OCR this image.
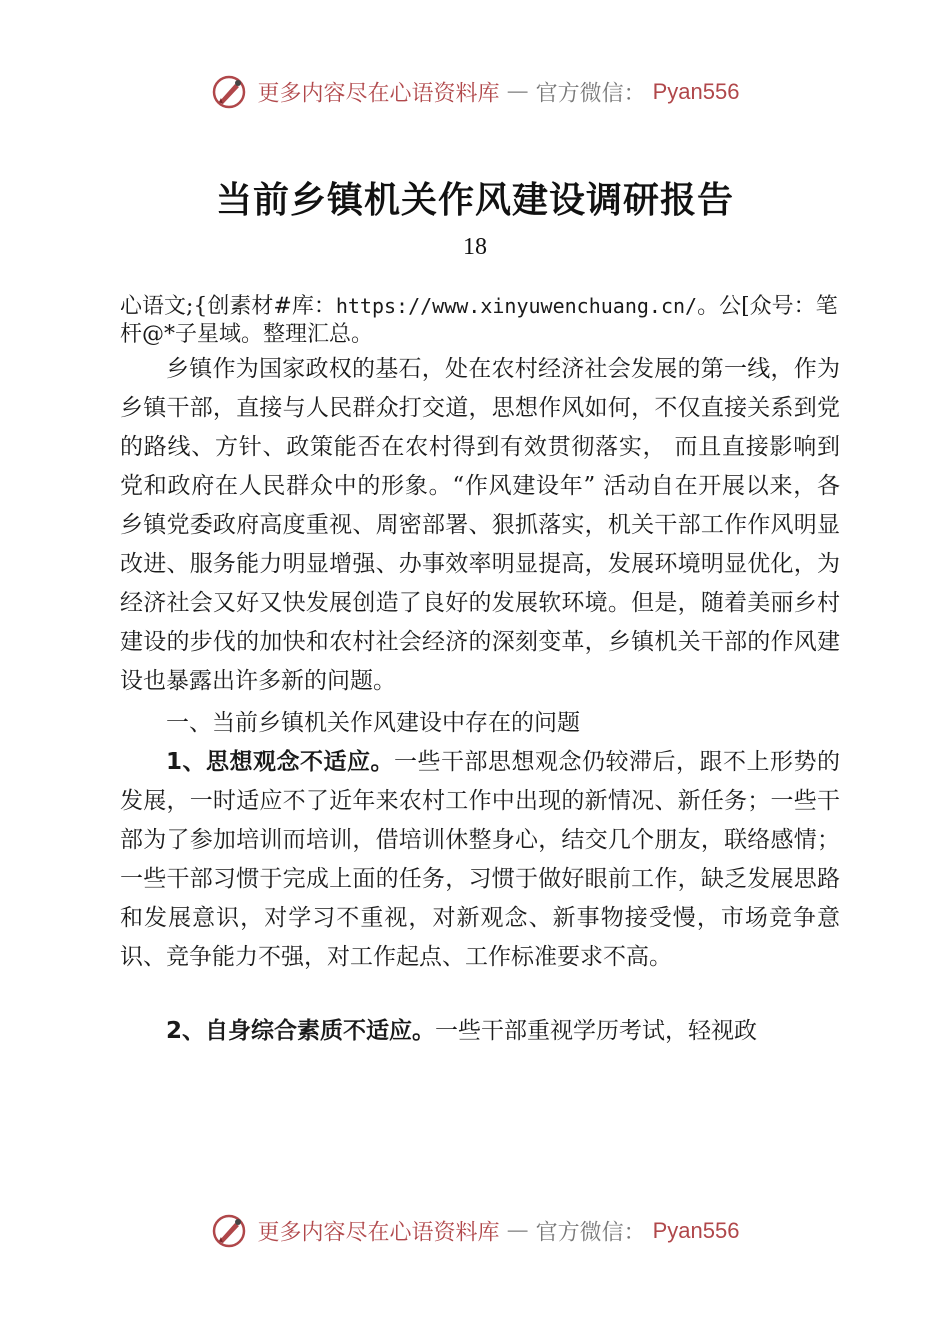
更多内容尽在心语资料库 — 官方微信： Pyan556
当前乡镇机关作风建设调研报告
18
心语文;{创素材#库：https://www.xinyuwenchuang.cn/。公[众号：笔杆@*子星域。整理汇总。

乡镇作为国家政权的基石，处在农村经济社会发展的第一线，作为乡镇干部，直接与人民群众打交道，思想作风如何，不仅直接关系到党的路线、方针、政策能否在农村得到有效贯彻落实， 而且直接影响到党和政府在人民群众中的形象。“作风建设年” 活动自在开展以来，各乡镇党委政府高度重视、周密部署、狠抓落实，机关干部工作作风明显改进、服务能力明显增强、办事效率明显提高，发展环境明显优化，为经济社会又好又快发展创造了良好的发展软环境。但是，随着美丽乡村建设的步伐的加快和农村社会经济的深刻变革，乡镇机关干部的作风建设也暴露出许多新的问题。

一、当前乡镇机关作风建设中存在的问题

1、思想观念不适应。一些干部思想观念仍较滞后，跟不上形势的发展，一时适应不了近年来农村工作中出现的新情况、新任务；一些干部为了参加培训而培训，借培训休整身心，结交几个朋友，联络感情；一些干部习惯于完成上面的任务，习惯于做好眼前工作，缺乏发展思路和发展意识，对学习不重视，对新观念、新事物接受慢，市场竞争意识、竞争能力不强，对工作起点、工作标准要求不高。

2、自身综合素质不适应。一些干部重视学历考试，轻视政

更多内容尽在心语资料库 — 官方微信： Pyan556
